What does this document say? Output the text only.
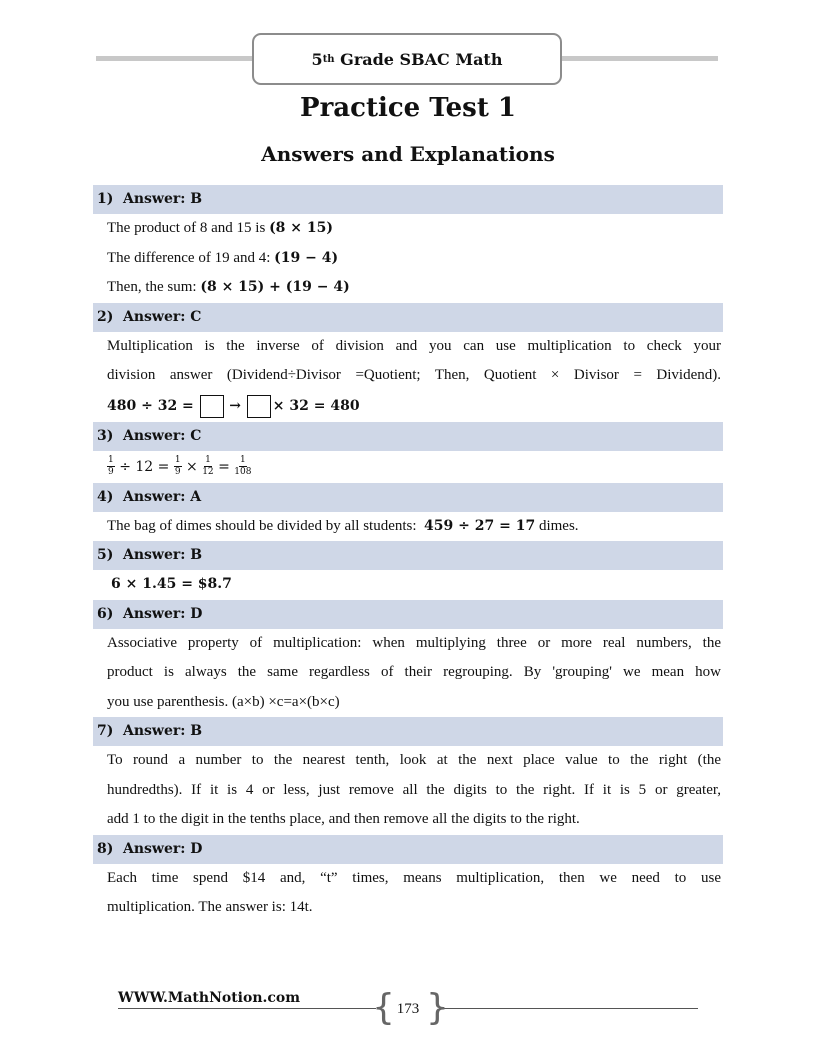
5 th
Grade SBAC Math
Practice Test 1
Answers and Explanations
1) Answer: B
The product of 8 and 15 is (8 × 15)
The difference of 19 and 4: (19 − 4)
Then, the sum: (8 × 15) + (19 − 4)
2) Answer: C
Multiplication is the inverse of division and you can use multiplication to check your
division answer (Dividend÷Divisor =Quotient; Then, Quotient × Divisor = Dividend).
480 ÷ 32 =	→ × 32 = 480
3) Answer: C
$\frac{1}{9} \div 12 = \frac{1}{9} \times \frac{1}{12} = \frac{1}{108}$
4) Answer: A
The bag of dimes should be divided by all students: 459 ÷ 27 = 17 dimes.
5) Answer: B
6 × 1.45 = $8.7
6) Answer: D
Associative property of multiplication: when multiplying three or more real numbers, the
product is always the same regardless of their regrouping. By 'grouping' we mean how
you use parenthesis. (a×b) ×c=a×(b×c)
7) Answer: B
To round a number to the nearest tenth, look at the next place value to the right (the
hundredths). If it is 4 or less, just remove all the digits to the right. If it is 5 or greater,
add 1 to the digit in the tenths place, and then remove all the digits to the right.
8) Answer: D
Each time spend $14 and, “t” times, means multiplication, then we need to use
multiplication. The answer is: 14t.
WWW.MathNotion.com { }
173
